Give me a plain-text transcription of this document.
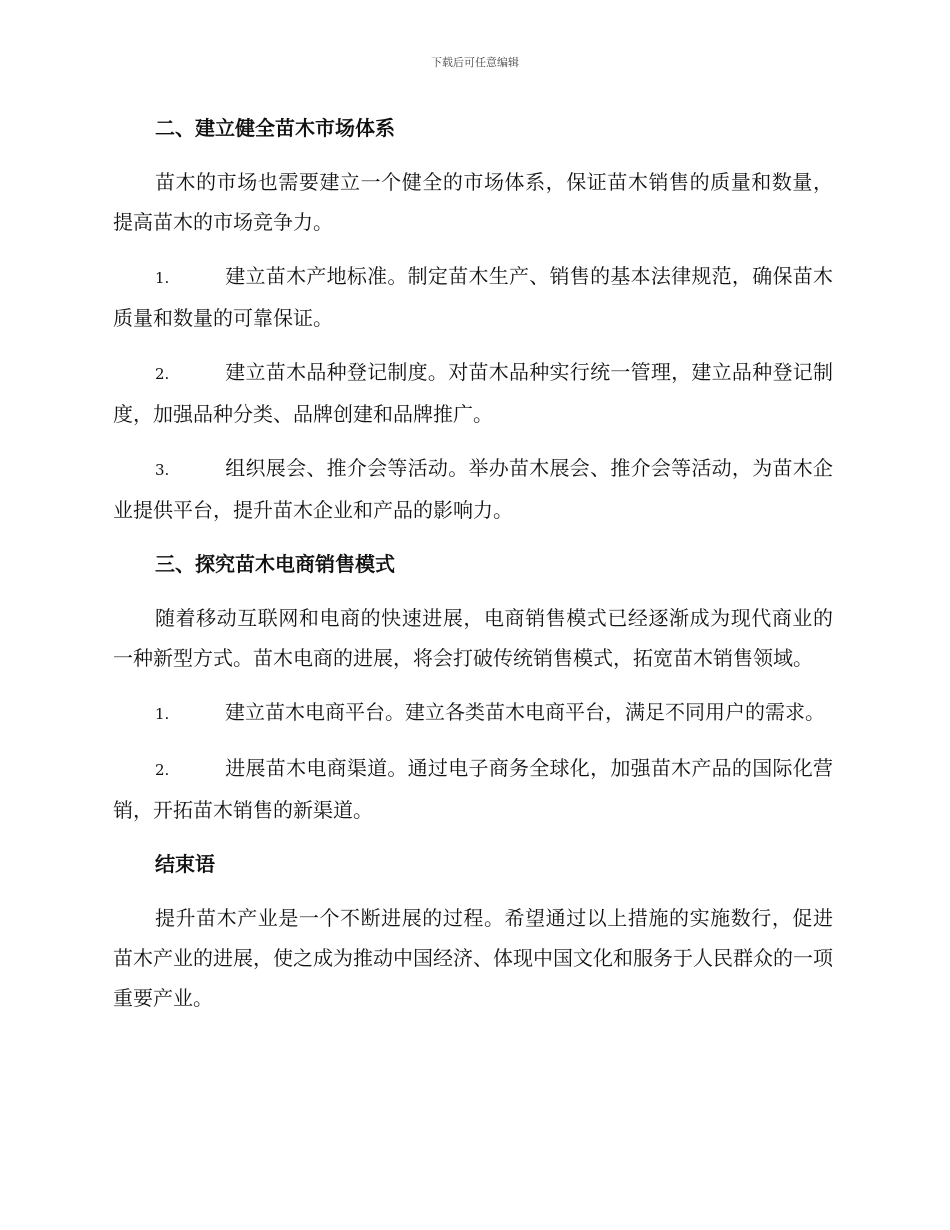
下载后可任意编辑
二、建立健全苗木市场体系

苗木的市场也需要建立一个健全的市场体系，保证苗木销售的质量和数量，提高苗木的市场竞争力。

1.	建立苗木产地标准。制定苗木生产、销售的基本法律规范，确保苗木质量和数量的可靠保证。

2.	建立苗木品种登记制度。对苗木品种实行统一管理，建立品种登记制度，加强品种分类、品牌创建和品牌推广。

3.	组织展会、推介会等活动。举办苗木展会、推介会等活动，为苗木企业提供平台，提升苗木企业和产品的影响力。

三、探究苗木电商销售模式

随着移动互联网和电商的快速进展，电商销售模式已经逐渐成为现代商业的一种新型方式。苗木电商的进展，将会打破传统销售模式，拓宽苗木销售领域。

1.	建立苗木电商平台。建立各类苗木电商平台，满足不同用户的需求。

2.	进展苗木电商渠道。通过电子商务全球化，加强苗木产品的国际化营销，开拓苗木销售的新渠道。

结束语

提升苗木产业是一个不断进展的过程。希望通过以上措施的实施数行，促进苗木产业的进展，使之成为推动中国经济、体现中国文化和服务于人民群众的一项重要产业。
